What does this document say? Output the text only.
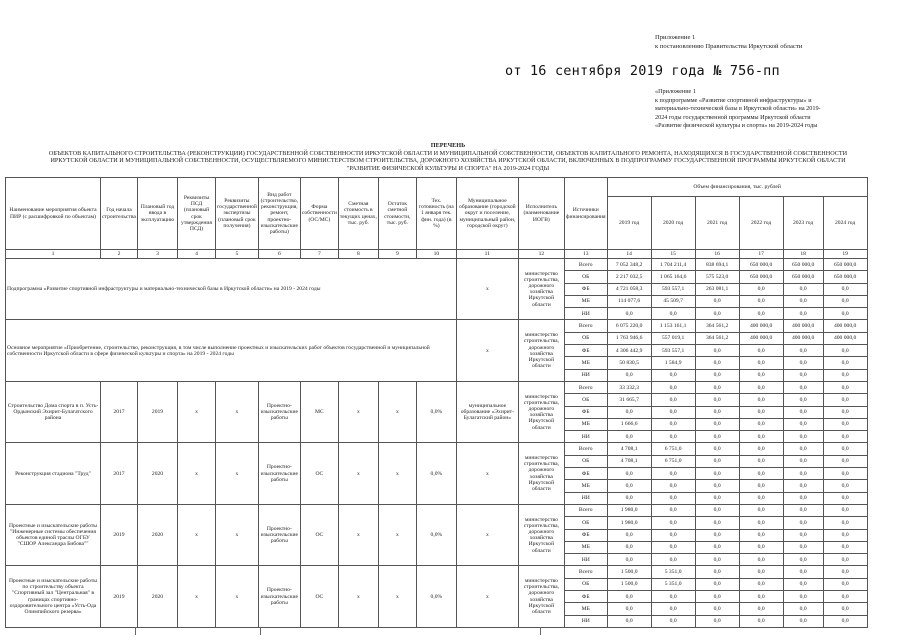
Приложение 1
к постановлению Правительства Иркутской области
от 16 сентября 2019 года № 756-пп
«Приложение 1
к подпрограмме «Развитие спортивной инфраструктуры» и
материально-технической базы в Иркутской области» на 2019-
2024 годы государственной программы Иркутской области
«Развитие физической культуры и спорта» на 2019-2024 годы
ПЕРЕЧЕНЬ
ОБЪЕКТОВ КАПИТАЛЬНОГО СТРОИТЕЛЬСТВА (РЕКОНСТРУКЦИИ) ГОСУДАРСТВЕННОЙ СОБСТВЕННОСТИ ИРКУТСКОЙ ОБЛАСТИ И МУНИЦИПАЛЬНОЙ СОБСТВЕННОСТИ, ОБЪЕКТОВ КАПИТАЛЬНОГО РЕМОНТА, НАХОДЯЩИХСЯ В ГОСУДАРСТВЕННОЙ СОБСТВЕННОСТИ
ИРКУТСКОЙ ОБЛАСТИ И МУНИЦИПАЛЬНОЙ СОБСТВЕННОСТИ, ОСУЩЕСТВЛЯЕМОГО МИНИСТЕРСТВОМ СТРОИТЕЛЬСТВА, ДОРОЖНОГО ХОЗЯЙСТВА ИРКУТСКОЙ ОБЛАСТИ, ВКЛЮЧЕННЫХ В ПОДПРОГРАММУ ГОСУДАРСТВЕННОЙ ПРОГРАММЫ ИРКУТСКОЙ ОБЛАСТИ
"РАЗВИТИЕ ФИЗИЧЕСКОЙ КУЛЬТУРЫ И СПОРТА" НА 2019-2024 ГОДЫ
Наименование мероприятия объекта ПИР (с расшифровкой по объектам)	Год начала строительства	Плановый год ввода в эксплуатацию	Реквизиты ПСД (плановый срок утверждения ПСД)	Реквизиты государственной экспертизы (плановый срок получения)	Вид работ (строительство, реконструкция, ремонт, проектно-изыскательские работы)	Форма собственности (ОС/МС)	Сметная стоимость в текущих ценах, тыс. руб.	Остаток сметной стоимости, тыс. руб.	Тех. готовность (на 1 января тек. фин. года) (в %)	Муниципальное образование (городской округ и поселение, муниципальный район, городской округ)	Исполнитель (наименование ИОГВ)	Источники финансирования	Объем финансирования, тыс. рублей					
													2019 год	2020 год	2021 год	2022 год	2023 год	2024 год
1	2	3	4	5	6	7	8	9	10	11	12	13	14	15	16	17	18	19
Подпрограмма «Развитие спортивной инфраструктуры и материально-технической базы в Иркутской области» на 2019 - 2024 годы										х	министерство строительства, дорожного хозяйства Иркутской области	Всего	7 052 348,2	1 704 211,4	838 694,1	650 000,0	650 000,0	650 000,0
												ОБ	2 217 032,5	1 065 164,6	575 523,0	650 000,0	650 000,0	650 000,0
												ФБ	4 721 058,3	593 557,1	263 081,1	0,0	0,0	0,0
												МБ	114 077,6	45 509,7	0,0	0,0	0,0	0,0
												НИ	0,0	0,0	0,0	0,0	0,0	0,0
Основное мероприятие «Приобретение, строительство, реконструкция, в том числе выполнение проектных и изыскательских работ объектов государственной и муниципальной собственности Иркутской области в сфере физической культуры и спорта» на 2019 - 2024 годы										х	министерство строительства, дорожного хозяйства Иркутской области	Всего	6 075 220,0	1 153 161,1	364 561,2	400 000,0	400 000,0	400 000,0
												ОБ	1 763 946,6	557 019,1	364 561,2	400 000,0	400 000,0	400 000,0
												ФБ	4 306 442,9	593 557,1	0,0	0,0	0,0	0,0
												МБ	50 830,5	1 584,9	0,0	0,0	0,0	0,0
												НИ	0,0	0,0	0,0	0,0	0,0	0,0
Строительство Дома спорта в п. Усть-Ордынский Эхирит-Булагатского района	2017	2019	х	х	Проектно-изыскательские работы	МС	х	х	0,0%	муниципальное образование «Эхирит-Булагатский район»	министерство строительства, дорожного хозяйства Иркутской области	Всего	33 332,3	0,0	0,0	0,0	0,0	0,0
												ОБ	31 665,7	0,0	0,0	0,0	0,0	0,0
												ФБ	0,0	0,0	0,0	0,0	0,0	0,0
												МБ	1 666,6	0,0	0,0	0,0	0,0	0,0
												НИ	0,0	0,0	0,0	0,0	0,0	0,0
Реконструкция стадиона "Труд"	2017	2020	х	х	Проектно-изыскательские работы	ОС	х	х	0,0%	х	министерство строительства, дорожного хозяйства Иркутской области	Всего	4 708,1	6 751,0	0,0	0,0	0,0	0,0
												ОБ	4 708,1	6 751,0	0,0	0,0	0,0	0,0
												ФБ	0,0	0,0	0,0	0,0	0,0	0,0
												МБ	0,0	0,0	0,0	0,0	0,0	0,0
												НИ	0,0	0,0	0,0	0,0	0,0	0,0
Проектные и изыскательские работы "Инженерные системы обеспечения объектов единой траслы ОГБУ "СШОР Александра Бибова""	2019	2020	х	х	Проектно-изыскательские работы	ОС	х	х	0,0%	х	министерство строительства, дорожного хозяйства Иркутской области	Всего	1 980,0	0,0	0,0	0,0	0,0	0,0
												ОБ	1 980,0	0,0	0,0	0,0	0,0	0,0
												ФБ	0,0	0,0	0,0	0,0	0,0	0,0
												МБ	0,0	0,0	0,0	0,0	0,0	0,0
												НИ	0,0	0,0	0,0	0,0	0,0	0,0
Проектные и изыскательские работы по строительству объекта "Спортивный зал "Центральная" в границах спортивно-оздоровительного центра «Усть-Ода Олимпийского резерва»	2019	2020	х	х	Проектно-изыскательские работы	ОС	х	х	0,0%	х	министерство строительства, дорожного хозяйства Иркутской области	Всего	1 500,0	5 351,0	0,0	0,0	0,0	0,0
												ОБ	1 500,0	5 351,0	0,0	0,0	0,0	0,0
												ФБ	0,0	0,0	0,0	0,0	0,0	0,0
												МБ	0,0	0,0	0,0	0,0	0,0	0,0
												НИ	0,0	0,0	0,0	0,0	0,0	0,0
